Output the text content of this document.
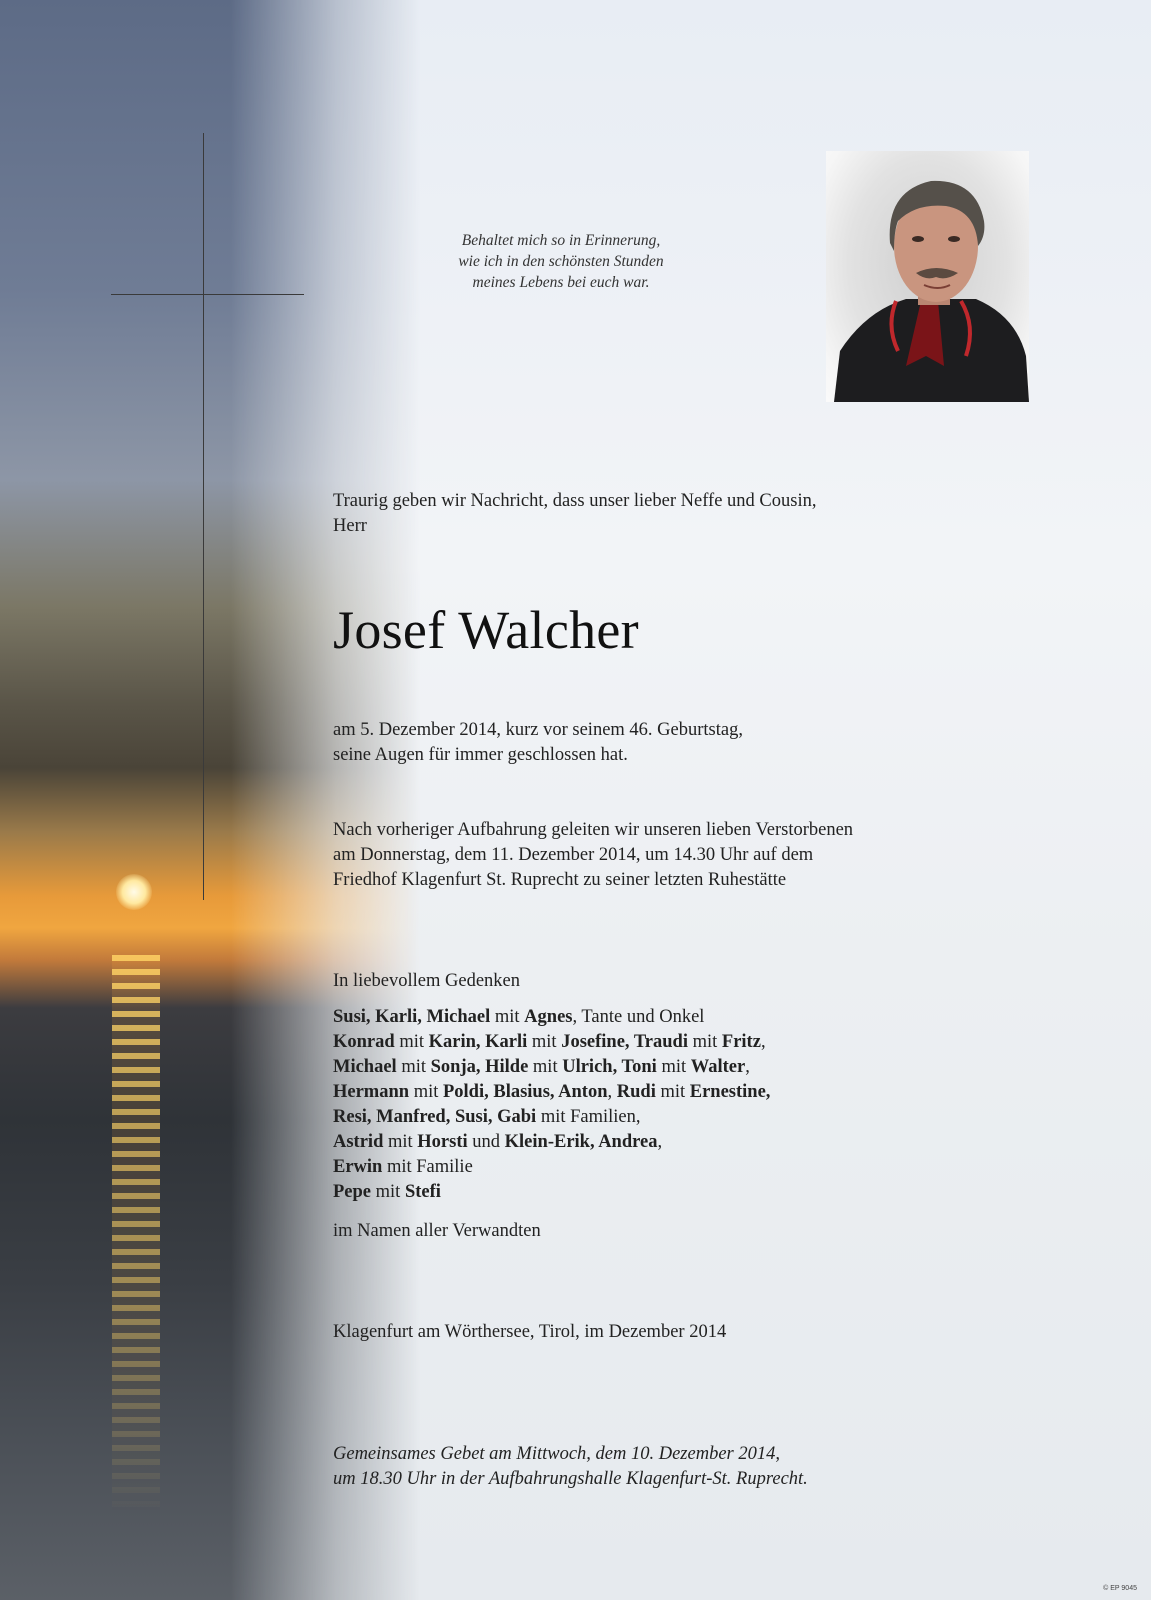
Behaltet mich so in Erinnerung,
wie ich in den schönsten Stunden
meines Lebens bei euch war.
Traurig geben wir Nachricht, dass unser lieber Neffe und Cousin,
Herr
Josef Walcher
am 5. Dezember 2014, kurz vor seinem 46. Geburtstag,
seine Augen für immer geschlossen hat.
Nach vorheriger Aufbahrung geleiten wir unseren lieben Verstorbenen
am Donnerstag, dem 11. Dezember 2014, um 14.30 Uhr auf dem
Friedhof Klagenfurt St. Ruprecht zu seiner letzten Ruhestätte
In liebevollem Gedenken
Susi, Karli, Michael mit Agnes, Tante und Onkel
Konrad mit Karin, Karli mit Josefine, Traudi mit Fritz,
Michael mit Sonja, Hilde mit Ulrich, Toni mit Walter,
Hermann mit Poldi, Blasius, Anton, Rudi mit Ernestine,
Resi, Manfred, Susi, Gabi mit Familien,
Astrid mit Horsti und Klein-Erik, Andrea,
Erwin mit Familie
Pepe mit Stefi
im Namen aller Verwandten
Klagenfurt am Wörthersee, Tirol, im Dezember 2014
Gemeinsames Gebet am Mittwoch, dem 10. Dezember 2014,
um 18.30 Uhr in der Aufbahrungshalle Klagenfurt-St. Ruprecht.
© EP 9045
